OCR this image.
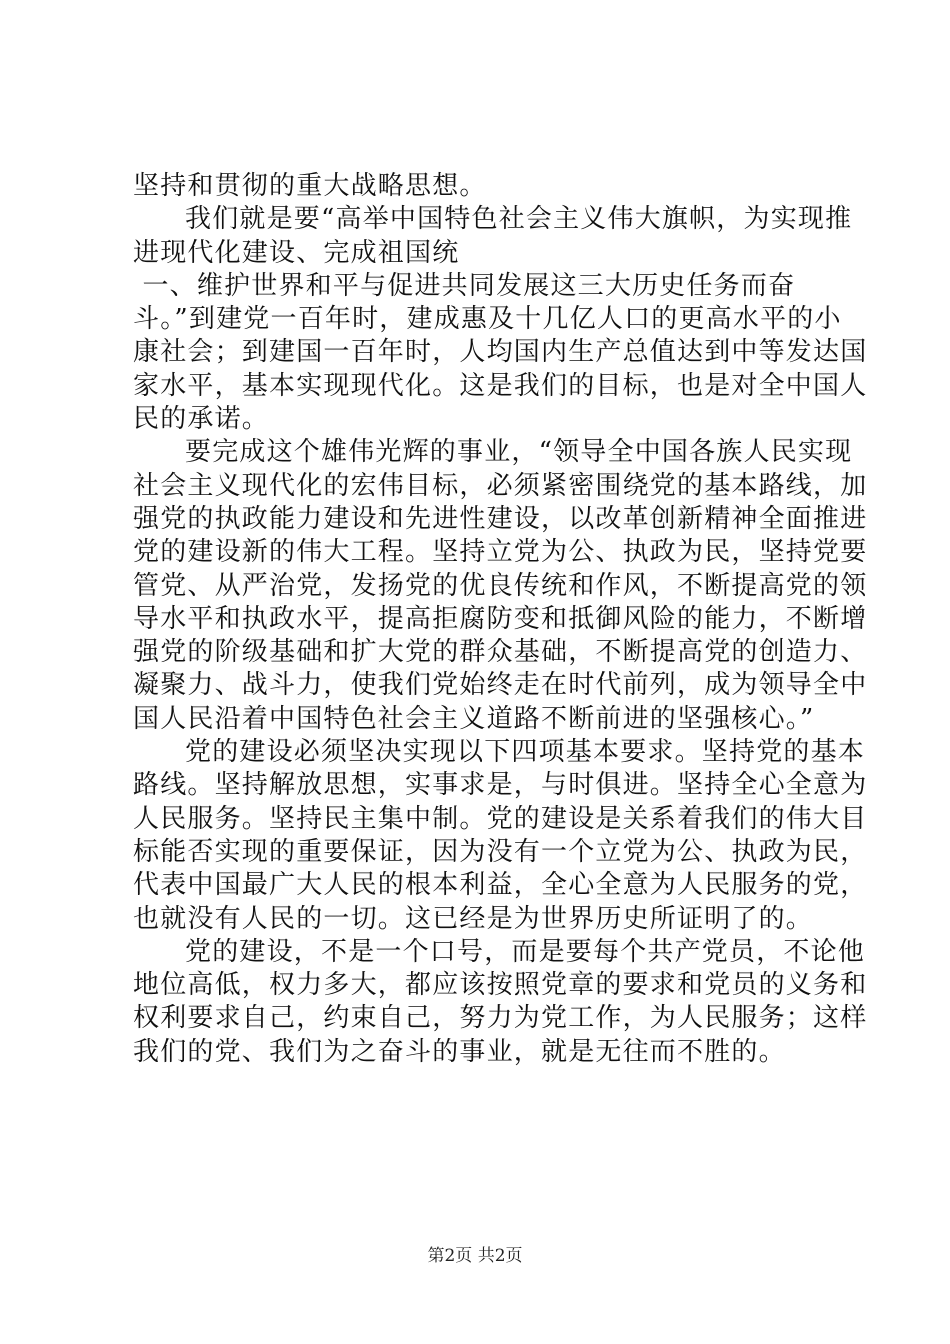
坚持和贯彻的重大战略思想。
我们就是要“高举中国特色社会主义伟大旗帜，为实现推
进现代化建设、完成祖国统
一、维护世界和平与促进共同发展这三大历史任务而奋
斗。”到建党一百年时，建成惠及十几亿人口的更高水平的小
康社会；到建国一百年时，人均国内生产总值达到中等发达国
家水平，基本实现现代化。这是我们的目标，也是对全中国人
民的承诺。
要完成这个雄伟光辉的事业，“领导全中国各族人民实现
社会主义现代化的宏伟目标，必须紧密围绕党的基本路线，加
强党的执政能力建设和先进性建设，以改革创新精神全面推进
党的建设新的伟大工程。坚持立党为公、执政为民，坚持党要
管党、从严治党，发扬党的优良传统和作风，不断提高党的领
导水平和执政水平，提高拒腐防变和抵御风险的能力，不断增
强党的阶级基础和扩大党的群众基础，不断提高党的创造力、
凝聚力、战斗力，使我们党始终走在时代前列，成为领导全中
国人民沿着中国特色社会主义道路不断前进的坚强核心。”
党的建设必须坚决实现以下四项基本要求。坚持党的基本
路线。坚持解放思想，实事求是，与时俱进。坚持全心全意为
人民服务。坚持民主集中制。党的建设是关系着我们的伟大目
标能否实现的重要保证，因为没有一个立党为公、执政为民，
代表中国最广大人民的根本利益，全心全意为人民服务的党，
也就没有人民的一切。这已经是为世界历史所证明了的。
党的建设，不是一个口号，而是要每个共产党员，不论他
地位高低，权力多大，都应该按照党章的要求和党员的义务和
权利要求自己，约束自己，努力为党工作，为人民服务；这样
我们的党、我们为之奋斗的事业，就是无往而不胜的。
第2页 共2页
